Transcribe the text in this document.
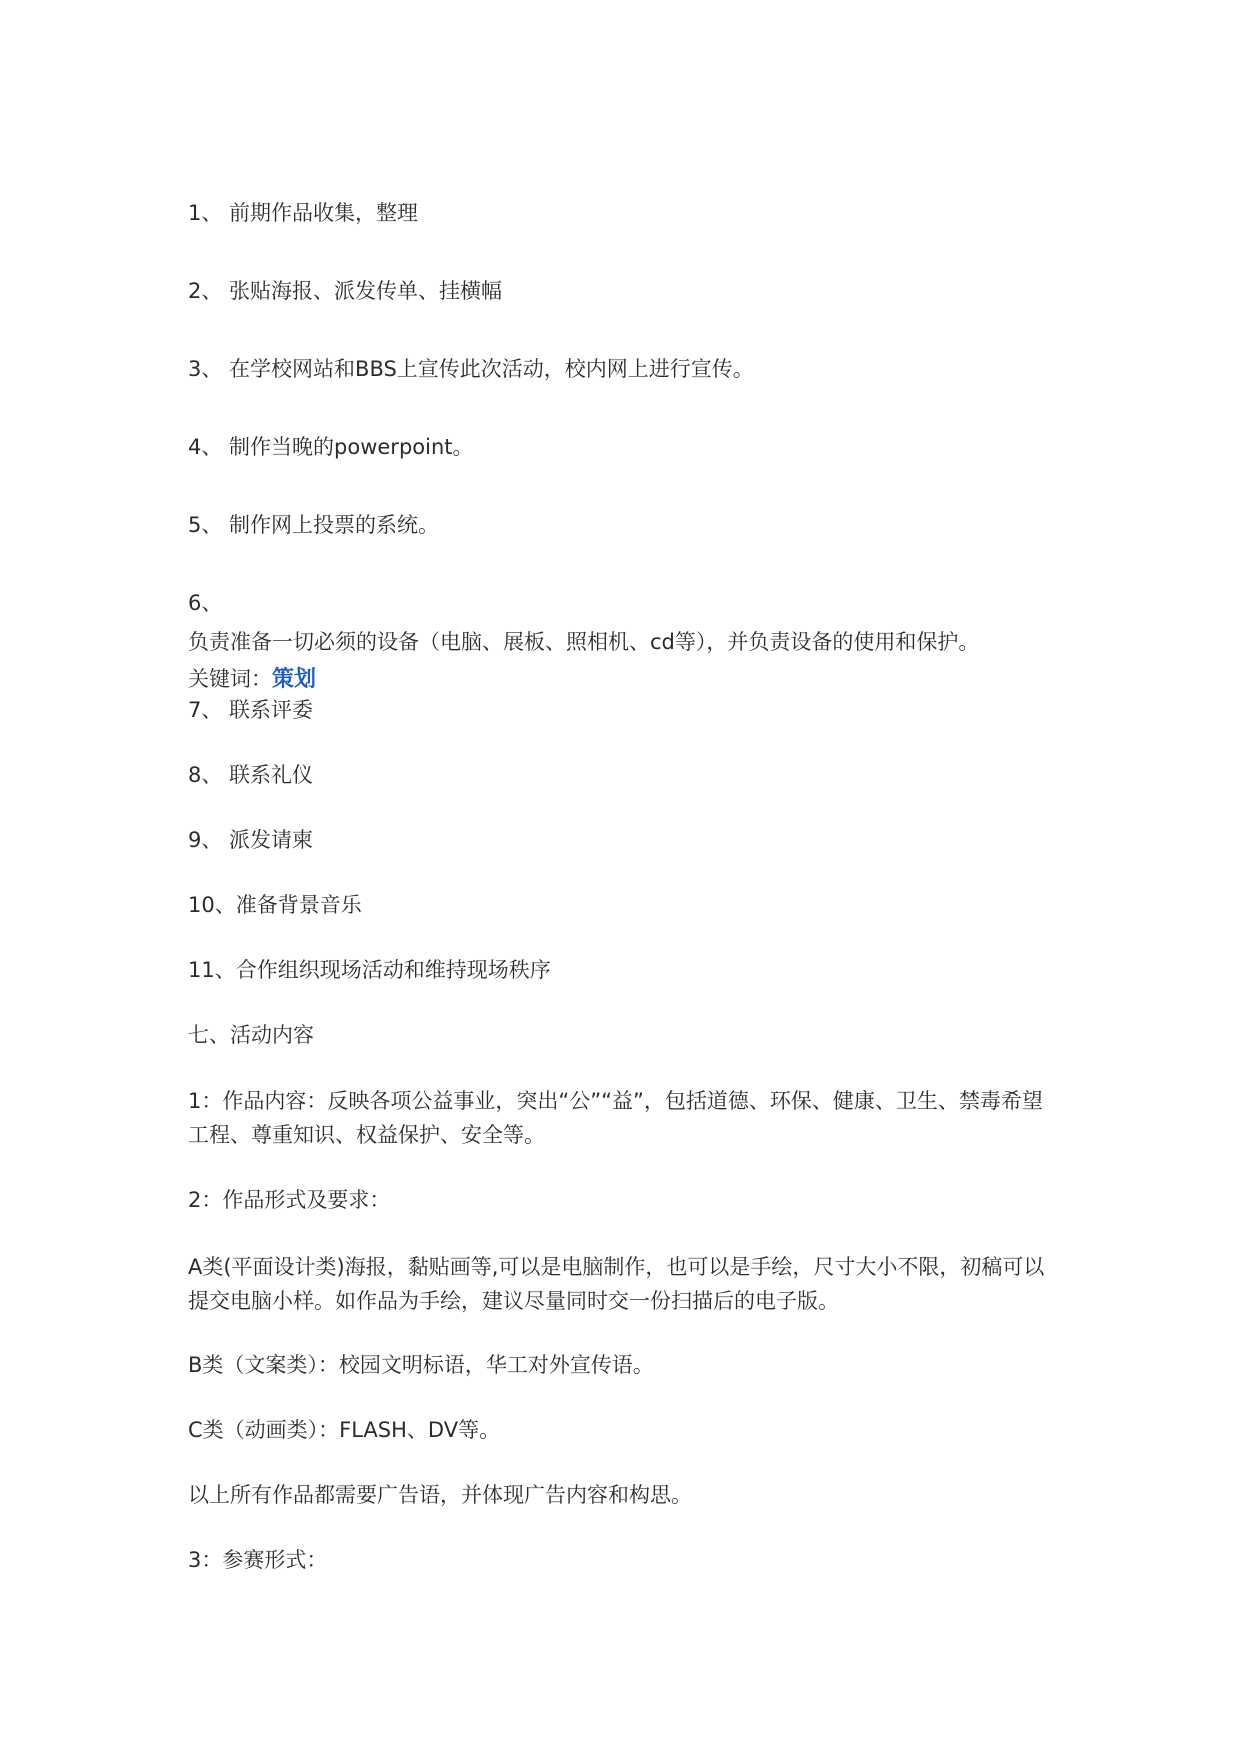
1、 前期作品收集，整理
2、 张贴海报、派发传单、挂横幅
3、 在学校网站和BBS上宣传此次活动，校内网上进行宣传。
4、 制作当晚的powerpoint。
5、 制作网上投票的系统。
6、
负责准备一切必须的设备（电脑、展板、照相机、cd等），并负责设备的使用和保护。
关键词：策划
7、 联系评委
8、 联系礼仪
9、 派发请柬
10、准备背景音乐
11、合作组织现场活动和维持现场秩序
七、活动内容
1：作品内容：反映各项公益事业，突出“公”“益”，包括道德、环保、健康、卫生、禁毒希望工程、尊重知识、权益保护、安全等。
2：作品形式及要求：
A类(平面设计类)海报，黏贴画等,可以是电脑制作，也可以是手绘，尺寸大小不限，初稿可以提交电脑小样。如作品为手绘，建议尽量同时交一份扫描后的电子版。
B类（文案类）：校园文明标语，华工对外宣传语。
C类（动画类）：FLASH、DV等。
以上所有作品都需要广告语，并体现广告内容和构思。
3：参赛形式：
